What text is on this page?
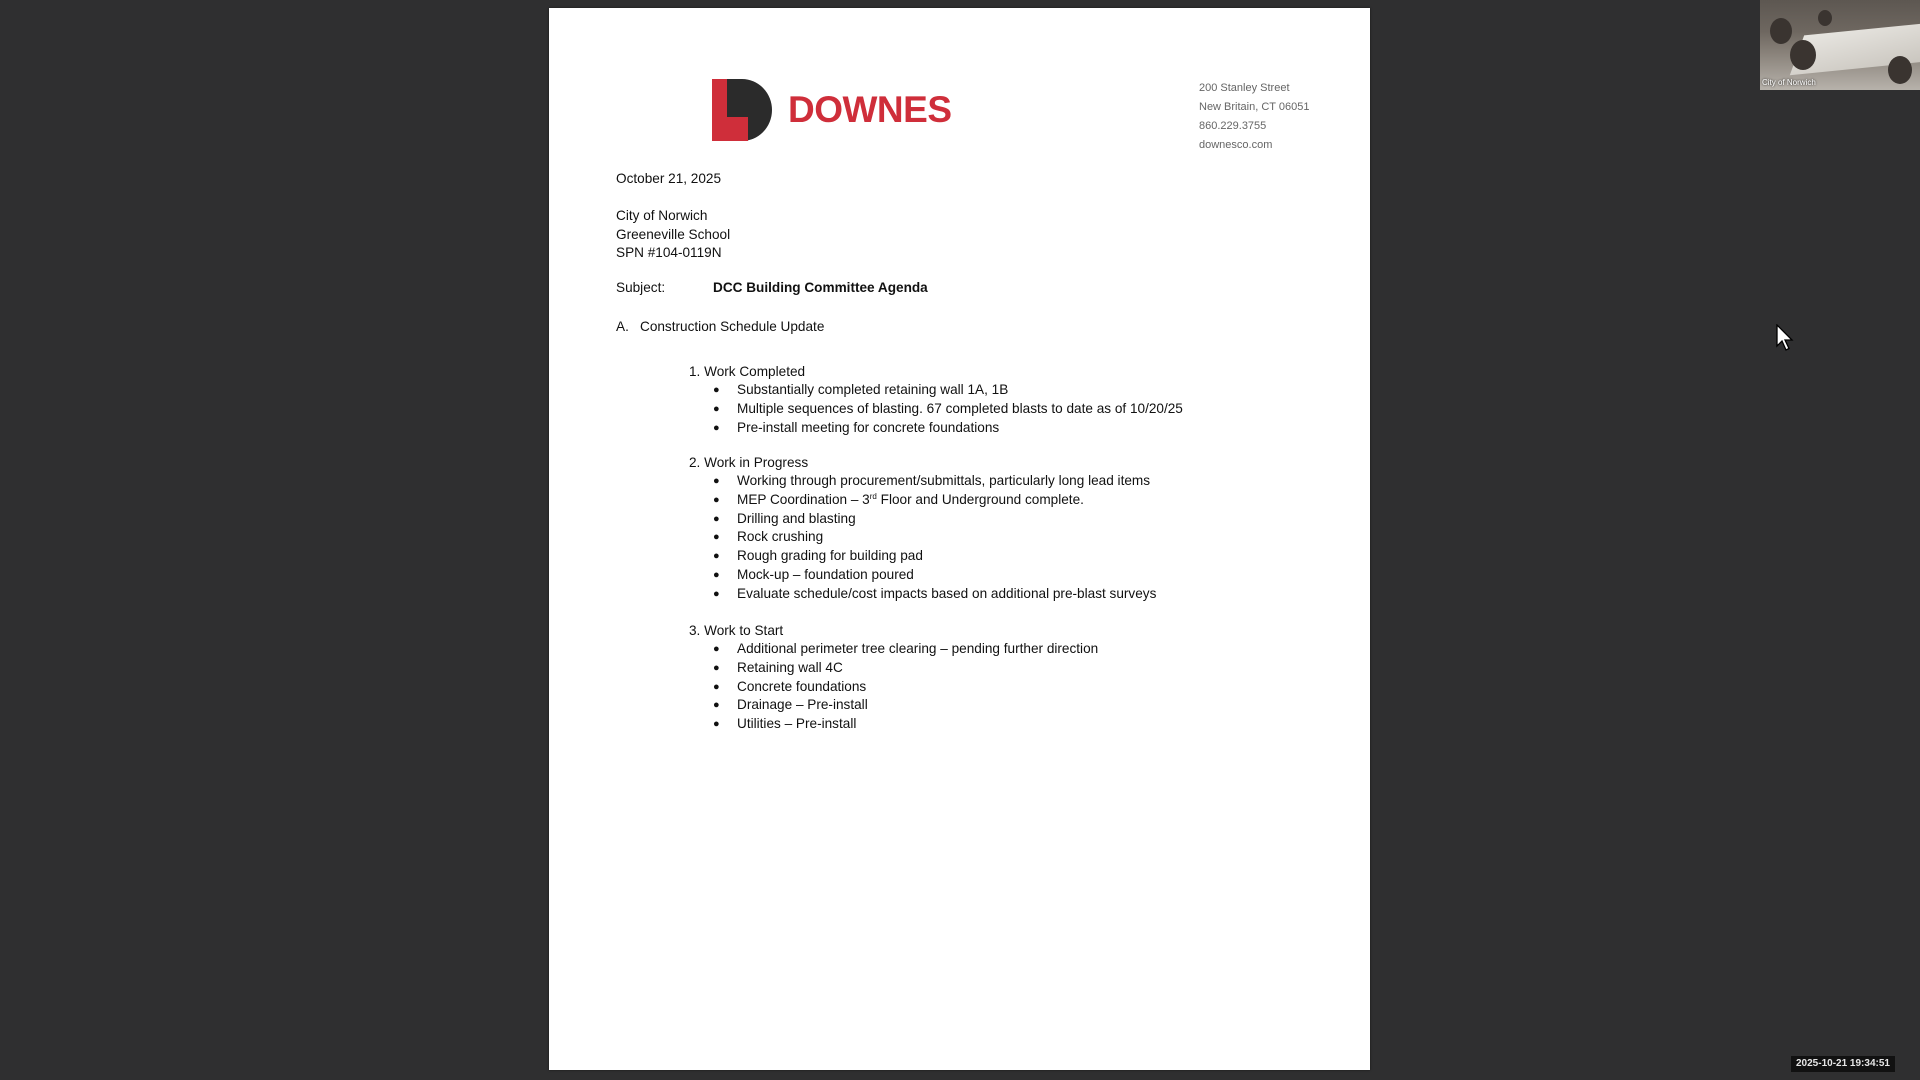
DOWNES
200 Stanley Street
New Britain, CT 06051
860.229.3755
downesco.com
October 21, 2025
City of Norwich
Greeneville School
SPN #104-0119N
Subject:	DCC Building Committee Agenda
A. Construction Schedule Update
1. Work Completed
● Substantially completed retaining wall 1A, 1B
● Multiple sequences of blasting. 67 completed blasts to date as of 10/20/25
● Pre-install meeting for concrete foundations
2. Work in Progress
● Working through procurement/submittals, particularly long lead items
● MEP Coordination – 3rd Floor and Underground complete.
● Drilling and blasting
● Rock crushing
● Rough grading for building pad
● Mock-up – foundation poured
● Evaluate schedule/cost impacts based on additional pre-blast surveys
3. Work to Start
● Additional perimeter tree clearing – pending further direction
● Retaining wall 4C
● Concrete foundations
● Drainage – Pre-install
● Utilities – Pre-install
City of Norwich
2025-10-21 19:34:51
